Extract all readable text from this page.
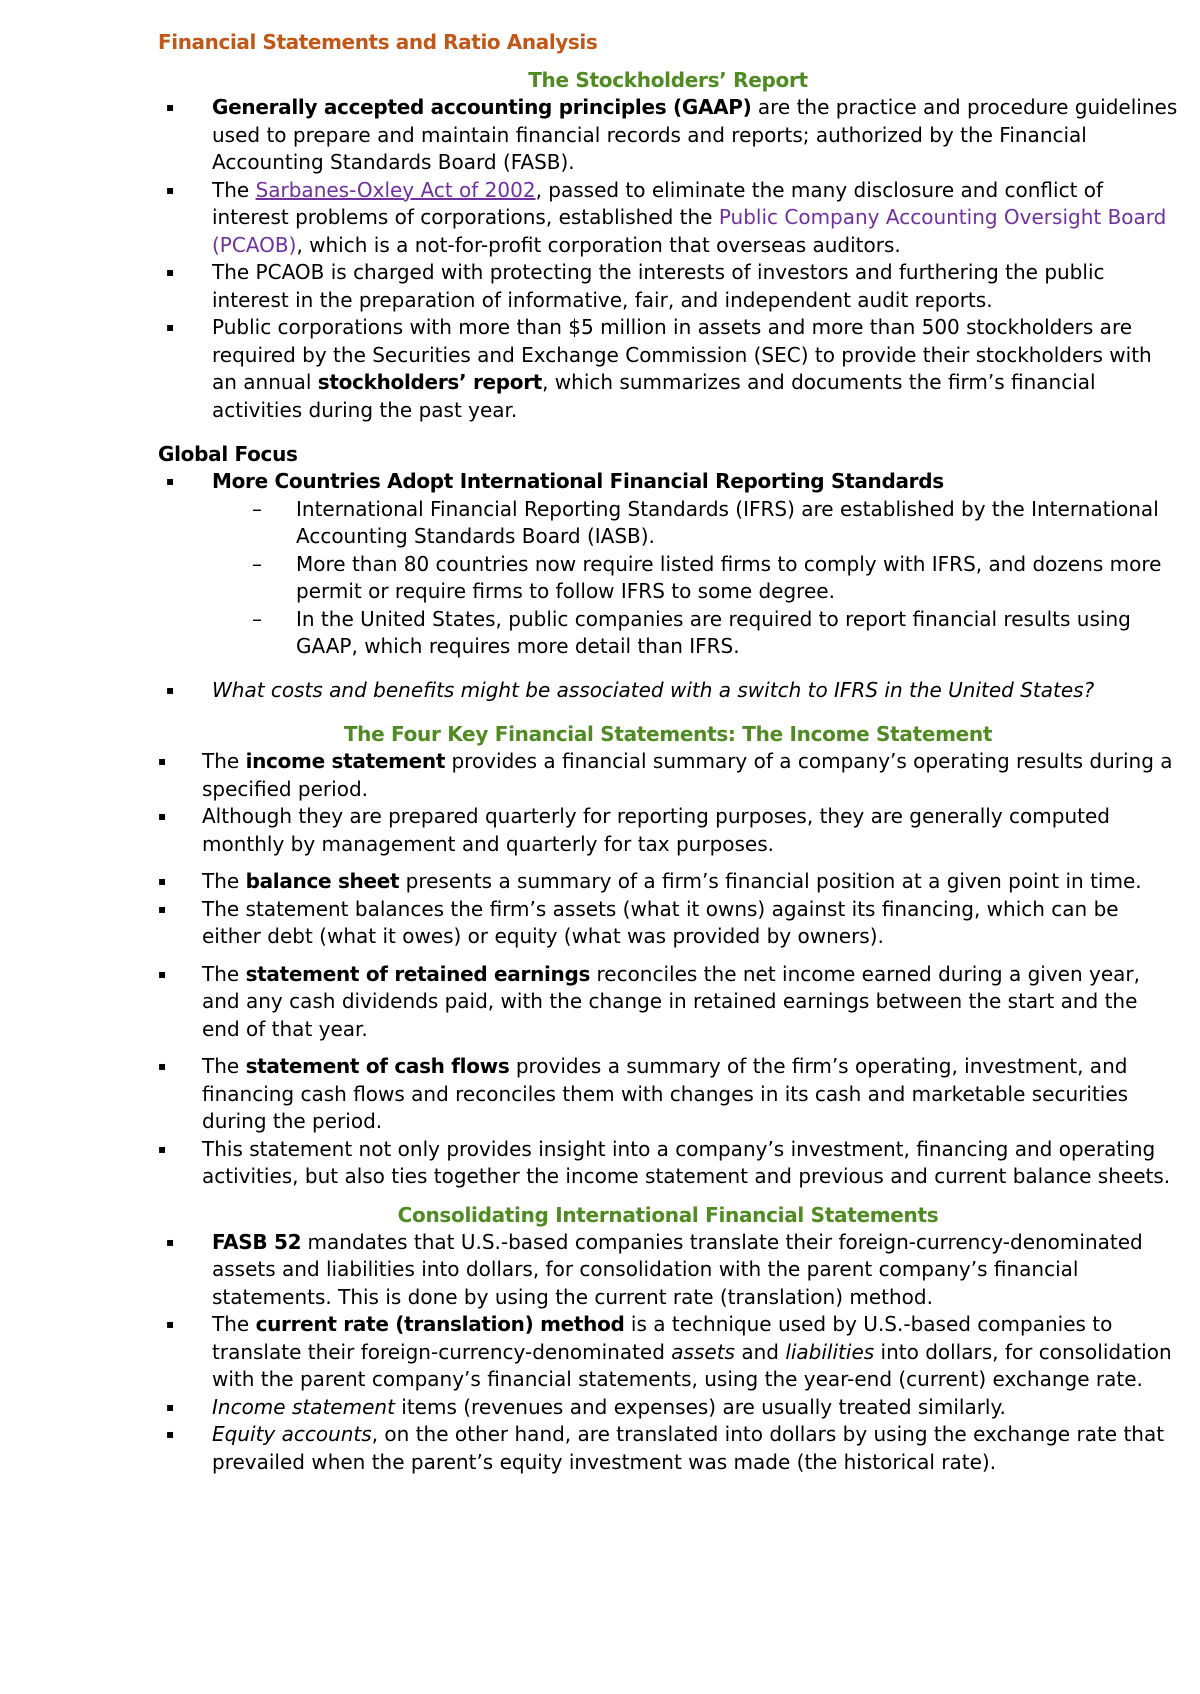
Financial Statements and Ratio Analysis
The Stockholders’ Report
▪ Generally accepted accounting principles (GAAP) are the practice and procedure guidelines used to prepare and maintain financial records and reports; authorized by the Financial Accounting Standards Board (FASB).
▪ The Sarbanes-Oxley Act of 2002, passed to eliminate the many disclosure and conflict of interest problems of corporations, established the Public Company Accounting Oversight Board (PCAOB), which is a not-for-profit corporation that overseas auditors.
▪ The PCAOB is charged with protecting the interests of investors and furthering the public interest in the preparation of informative, fair, and independent audit reports.
▪ Public corporations with more than $5 million in assets and more than 500 stockholders are required by the Securities and Exchange Commission (SEC) to provide their stockholders with an annual stockholders’ report, which summarizes and documents the firm’s financial activities during the past year.
Global Focus
▪ More Countries Adopt International Financial Reporting Standards
– International Financial Reporting Standards (IFRS) are established by the International Accounting Standards Board (IASB).
– More than 80 countries now require listed firms to comply with IFRS, and dozens more permit or require firms to follow IFRS to some degree.
– In the United States, public companies are required to report financial results using GAAP, which requires more detail than IFRS.
▪ What costs and benefits might be associated with a switch to IFRS in the United States?
The Four Key Financial Statements: The Income Statement
▪ The income statement provides a financial summary of a company’s operating results during a specified period.
▪ Although they are prepared quarterly for reporting purposes, they are generally computed monthly by management and quarterly for tax purposes.
▪ The balance sheet presents a summary of a firm’s financial position at a given point in time.
▪ The statement balances the firm’s assets (what it owns) against its financing, which can be either debt (what it owes) or equity (what was provided by owners).
▪ The statement of retained earnings reconciles the net income earned during a given year, and any cash dividends paid, with the change in retained earnings between the start and the end of that year.
▪ The statement of cash flows provides a summary of the firm’s operating, investment, and financing cash flows and reconciles them with changes in its cash and marketable securities during the period.
▪ This statement not only provides insight into a company’s investment, financing and operating activities, but also ties together the income statement and previous and current balance sheets.
Consolidating International Financial Statements
▪ FASB 52 mandates that U.S.-based companies translate their foreign-currency-denominated assets and liabilities into dollars, for consolidation with the parent company’s financial statements. This is done by using the current rate (translation) method.
▪ The current rate (translation) method is a technique used by U.S.-based companies to translate their foreign-currency-denominated assets and liabilities into dollars, for consolidation with the parent company’s financial statements, using the year-end (current) exchange rate.
▪ Income statement items (revenues and expenses) are usually treated similarly.
▪ Equity accounts, on the other hand, are translated into dollars by using the exchange rate that prevailed when the parent’s equity investment was made (the historical rate).
